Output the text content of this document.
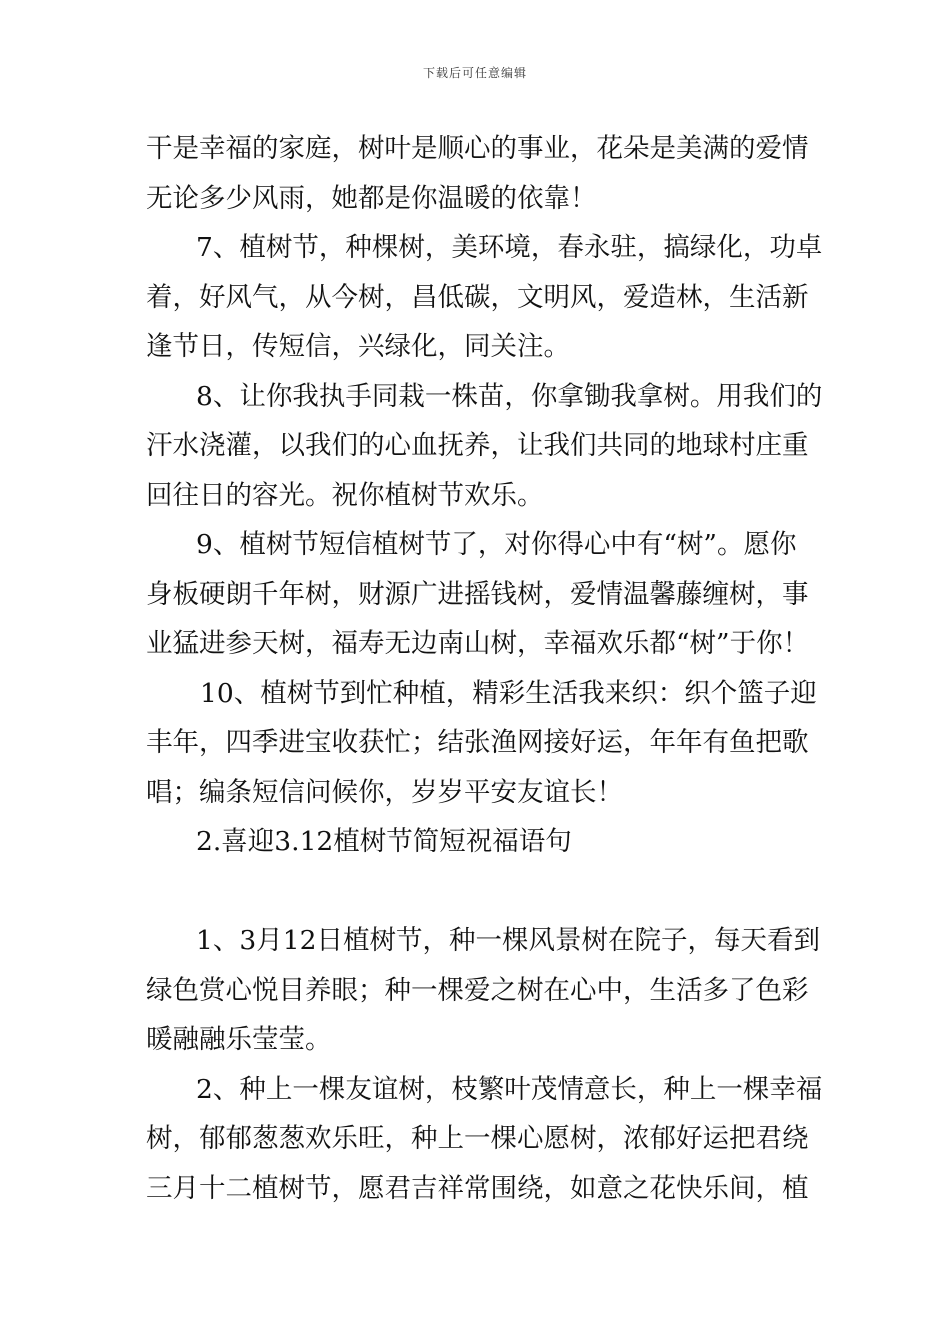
下载后可任意编辑
干是幸福的家庭，树叶是顺心的事业，花朵是美满的爱情
无论多少风雨，她都是你温暖的依靠！
7、植树节，种棵树，美环境，春永驻，搞绿化，功卓
着，好风气，从今树，昌低碳，文明风，爱造林，生活新
逢节日，传短信，兴绿化，同关注。
8、让你我执手同栽一株苗，你拿锄我拿树。用我们的
汗水浇灌，以我们的心血抚养，让我们共同的地球村庄重
回往日的容光。祝你植树节欢乐。
9、植树节短信植树节了，对你得心中有“树”。愿你
身板硬朗千年树，财源广进摇钱树，爱情温馨藤缠树，事
业猛进参天树，福寿无边南山树，幸福欢乐都“树”于你！
10、植树节到忙种植，精彩生活我来织：织个篮子迎
丰年，四季进宝收获忙；结张渔网接好运，年年有鱼把歌
唱；编条短信问候你，岁岁平安友谊长！
2.喜迎3.12植树节简短祝福语句
1、3月12日植树节，种一棵风景树在院子，每天看到
绿色赏心悦目养眼；种一棵爱之树在心中，生活多了色彩
暖融融乐莹莹。
2、种上一棵友谊树，枝繁叶茂情意长，种上一棵幸福
树，郁郁葱葱欢乐旺，种上一棵心愿树，浓郁好运把君绕
三月十二植树节，愿君吉祥常围绕，如意之花快乐间，植
